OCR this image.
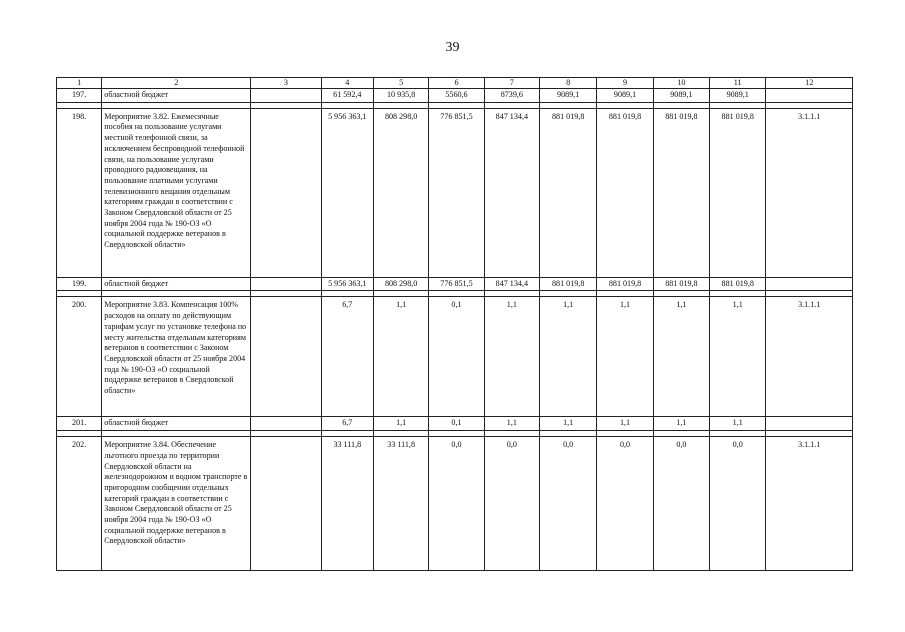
39
1	2	3	4	5	6	7	8	9	10	11	12
197.	областной бюджет		61 592,4	10 935,8	5560,6	8739,6	9089,1	9089,1	9089,1	9089,1	

198.	Мероприятие 3.82. Ежемесячные пособия на пользование услугами местной телефонной связи, за исключением беспроводной телефонной связи, на пользование услугами проводного радиовещания, на пользование платными услугами телевизионного вещания отдельным категориям граждан в соответствии с Законом Свердловской области от 25 ноября 2004 года № 190-ОЗ «О социальной поддержке ветеранов в Свердловской области»		5 956 363,1	808 298,0	776 851,5	847 134,4	881 019,8	881 019,8	881 019,8	881 019,8	3.1.1.1
199.	областной бюджет		5 956 363,1	808 298,0	776 851,5	847 134,4	881 019,8	881 019,8	881 019,8	881 019,8	

200.	Мероприятие 3.83. Компенсация 100% расходов на оплату по действующим тарифам услуг по установке телефона по месту жительства отдельным категориям ветеранов в соответствии с Законом Свердловской области от 25 ноября 2004 года № 190-ОЗ «О социальной поддержке ветеранов в Свердловской области»		6,7	1,1	0,1	1,1	1,1	1,1	1,1	1,1	3.1.1.1
201.	областной бюджет		6,7	1,1	0,1	1,1	1,1	1,1	1,1	1,1	

202.	Мероприятие 3.84. Обеспечение льготного проезда по территории Свердловской области на железнодорожном и водном транспорте в пригородном сообщении отдельных категорий граждан в соответствии с Законом Свердловской области от 25 ноября 2004 года № 190-ОЗ «О социальной поддержке ветеранов в Свердловской области»		33 111,8	33 111,8	0,0	0,0	0,0	0,0	0,0	0,0	3.1.1.1
